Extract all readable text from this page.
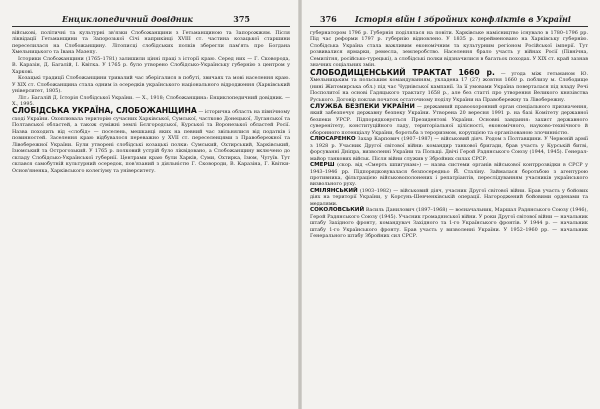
Енциклопедичний довідник	375

військові, політичні та культурні зв'язки Слобожанщини з Гетьманщиною та Запорожжям. Після ліквідації Гетьманщини та Запорозької Січі наприкінці XVIII ст. частина козацької старшини переселилася на Слобожанщину. Літописці слобідських полків зберегли пам'ять про Богдана Хмельницького та Івана Мазепу.

Історики Слобожанщини (1765–1781) залишили цінні праці з історії краю. Серед них — Г. Сковорода, В. Каразін, Д. Багалій, І. Квітка. У 1765 р. було утворено Слобідсько-Українську губернію з центром у Харкові.

Козацькі традиції Слобожанщини тривалий час зберігалися в побуті, звичаях та мові населення краю. У XIX ст. Слобожанщина стала одним із осередків українського національного відродження (Харківський університет, 1805).

Літ.: Багалій Д. Історія Слобідської України. — Х., 1918; Слобожанщина: Енциклопедичний довідник. — Х., 1995.

СЛОБІДСЬКА УКРАЇНА, СЛОБОЖАНЩИНА — історична область на північному сході України. Охоплювала територію сучасних Харківської, Сумської, частково Донецької, Луганської та Полтавської областей, а також суміжні землі Бєлгородської, Курської та Воронезької областей Росії. Назва походить від «слобід» — поселень, мешканці яких на певний час звільнялися від податків і повинностей. Заселення краю відбувалося переважно у XVII ст. переселенцями з Правобережної та Лівобережної України. Були утворені слобідські козацькі полки: Сумський, Охтирський, Харківський, Ізюмський та Острогозький. У 1765 р. полковий устрій було ліквідовано, а Слобожанщину включено до складу Слобідсько-Української губернії. Центрами краю були Харків, Суми, Охтирка, Ізюм, Чугуїв. Тут склався самобутній культурний осередок, пов'язаний з діяльністю Г. Сковороди, В. Каразіна, Г. Квітки-Основ'яненка, Харківського колегіуму та університету.

376 Історія війн і збройних конфліктів в Україні

губернатором 1796 р. Губернія поділялася на повіти. Харківське намісництво існувало в 1780–1796 рр. Під час реформи 1797 р. губернію відновлено. У 1835 р. перейменовано на Харківську губернію. Слобідська Україна стала важливим економічним та культурним регіоном Російської імперії. Тут розвивалися ярмарки, ремесла, землеробство. Населення брало участь у війнах Росії (Північна, Семилітня, російсько-турецькі), а слобідські полки відзначилися в багатьох походах. У XIX ст. край зазнав значних соціальних змін.

СЛОБОДИЩЕНСЬКИЙ ТРАКТАТ 1660 р. — угода між гетьманом Ю. Хмельницьким та польським командуванням, укладена 17 (27) жовтня 1660 р. поблизу м. Слободище (нині Житомирська обл.) під час Чуднівської кампанії. За її умовами Україна поверталася під владу Речі Посполитої на основі Гадяцького трактату 1658 р., але без статті про утворення Великого князівства Руського. Договір поклав початок остаточному поділу України на Правобережну та Лівобережну.

СЛУЖБА БЕЗПЕКИ УКРАЇНИ — державний правоохоронний орган спеціального призначення, який забезпечує державну безпеку України. Утворена 20 вересня 1991 р. на базі Комітету державної безпеки УРСР. Підпорядковується Президентові України. Основні завдання: захист державного суверенітету, конституційного ладу, територіальної цілісності, економічного, науково-технічного й оборонного потенціалу України, боротьба з тероризмом, корупцією та організованою злочинністю.

СЛЮСАРЕНКО Захар Карпович (1907–1987) — військовий діяч. Родом з Полтавщини. У Червоній армії з 1928 р. Учасник Другої світової війни: командир танкової бригади, брав участь у Курській битві, форсуванні Дніпра, визволенні України та Польщі. Двічі Герой Радянського Союзу (1944, 1945). Генерал-майор танкових військ. Після війни служив у Збройних силах СРСР.

СМЕРШ (скор. від «Смерть шпигунам») — назва системи органів військової контррозвідки в СРСР у 1943–1946 рр. Підпорядковувалася безпосередньо Й. Сталіну. Займалася боротьбою з агентурою противника, фільтрацією військовополонених і репатріантів, переслідуванням учасників українського визвольного руху.

СМІЛЯНСЬКИЙ (1903–1982) — військовий діяч, учасник Другої світової війни. Брав участь у бойових діях на території України, у Корсунь-Шевченківській операції. Нагороджений бойовими орденами та медалями.

СОКОЛОВСЬКИЙ Василь Данилович (1897–1968) — воєначальник, Маршал Радянського Союзу (1946), Герой Радянського Союзу (1945). Учасник громадянської війни. У роки Другої світової війни — начальник штабу Західного фронту, командувач Західного та 1-го Українського фронтів. У 1944 р. — начальник штабу 1-го Українського фронту. Брав участь у визволенні України. У 1952–1960 рр. — начальник Генерального штабу Збройних сил СРСР.
